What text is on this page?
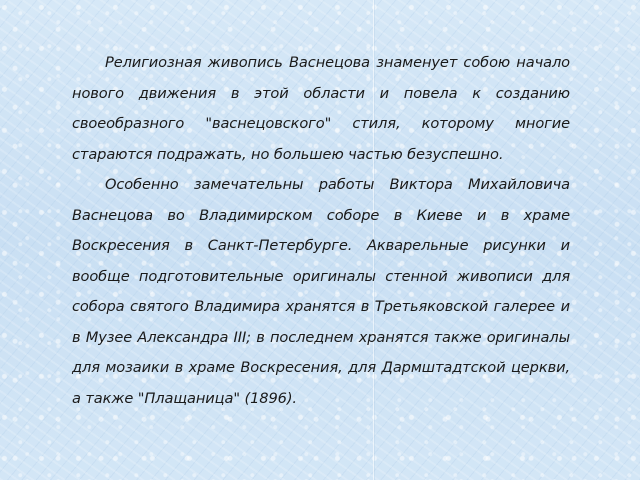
Религиозная живопись Васнецова знаменует собою начало нового движения в этой области и повела к созданию своеобразного "васнецовского" стиля, которому многие стараются подражать, но большею частью безуспешно.

Особенно замечательны работы Виктора Михайловича Васнецова во Владимирском соборе в Киеве и в храме Воскресения в Санкт-Петербурге. Акварельные рисунки и вообще подготовительные оригиналы стенной живописи для собора святого Владимира хранятся в Третьяковской галерее и в Музее Александра III; в последнем хранятся также оригиналы для мозаики в храме Воскресения, для Дармштадтской церкви, а также "Плащаница" (1896).
